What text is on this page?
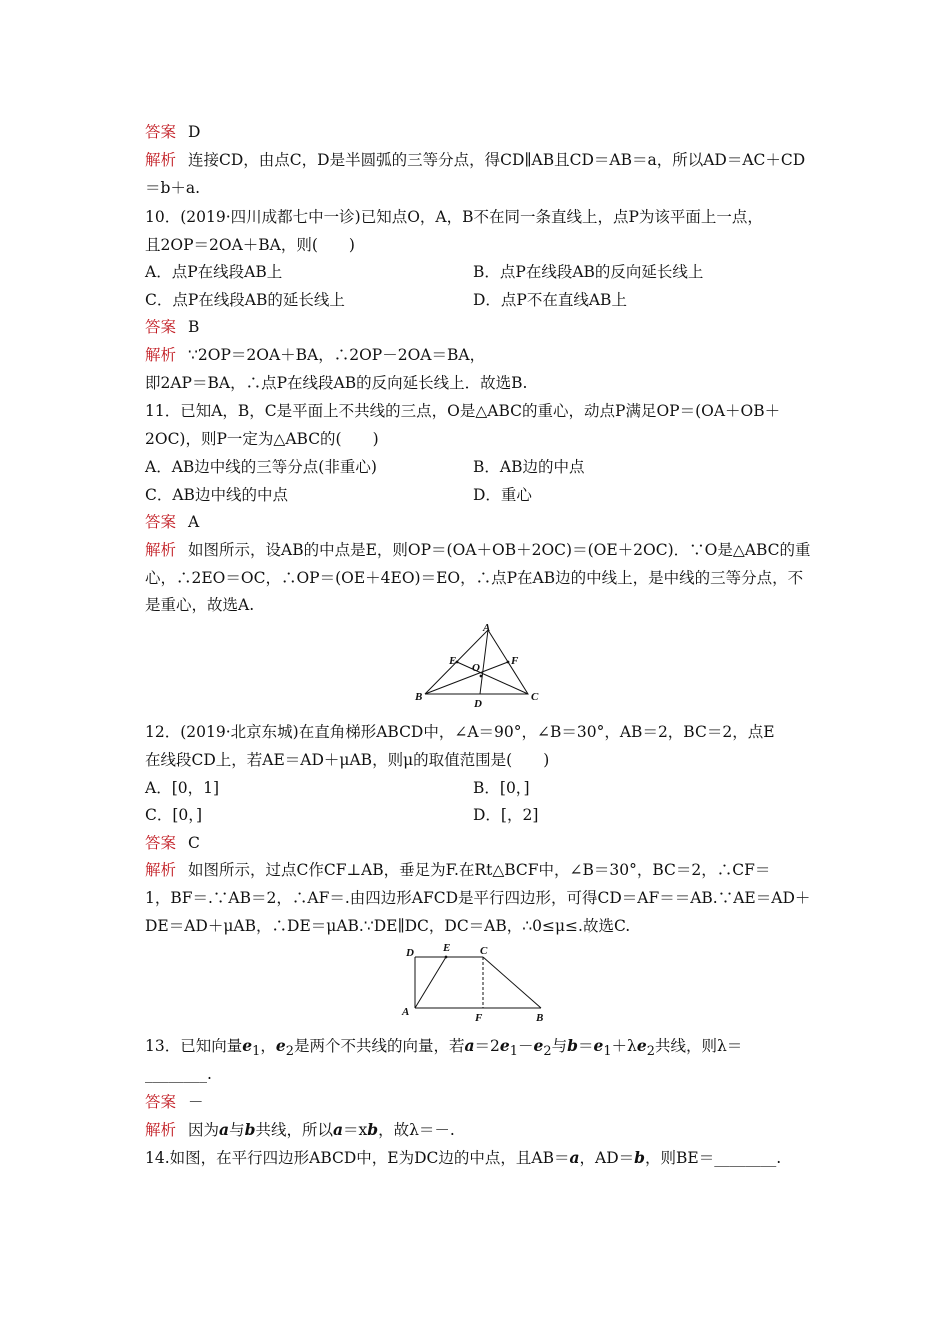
答案 D
解析 连接CD，由点C，D是半圆弧的三等分点，得CD∥AB且CD＝AB＝a，所以AD＝AC＋CD
＝b＋a.
10．(2019·四川成都七中一诊)已知点O，A，B不在同一条直线上，点P为该平面上一点，
且2OP＝2OA＋BA，则(　　)
A．点P在线段AB上	B．点P在线段AB的反向延长线上
C．点P在线段AB的延长线上	D．点P不在直线AB上
答案 B
解析 ∵2OP＝2OA＋BA，∴2OP－2OA＝BA，
即2AP＝BA，∴点P在线段AB的反向延长线上．故选B.
11．已知A，B，C是平面上不共线的三点，O是△ABC的重心，动点P满足OP＝(OA＋OB＋
2OC)，则P一定为△ABC的(　　)
A．AB边中线的三等分点(非重心)	B．AB边的中点
C．AB边中线的中点	D．重心
答案 A
解析 如图所示，设AB的中点是E，则OP＝(OA＋OB＋2OC)＝(OE＋2OC)．∵O是△ABC的重
心，∴2EO＝OC，∴OP＝(OE＋4EO)＝EO，∴点P在AB边的中线上，是中线的三等分点，不
是重心，故选A.
A
B	C
D
E	F
O
12．(2019·北京东城)在直角梯形ABCD中，∠A＝90°，∠B＝30°，AB＝2，BC＝2，点E
在线段CD上，若AE＝AD＋μAB，则μ的取值范围是(　　)
A．[0，1]	B．[0，]
C．[0，]	D．[，2]
答案 C
解析 如图所示，过点C作CF⊥AB，垂足为F.在Rt△BCF中，∠B＝30°，BC＝2，∴CF＝
1，BF＝.∵AB＝2，∴AF＝.由四边形AFCD是平行四边形，可得CD＝AF＝＝AB.∵AE＝AD＋
DE＝AD＋μAB，∴DE＝μAB.∵DE∥DC，DC＝AB，∴0≤μ≤.故选C.
D	E	C
A	F	B
13．已知向量$e_1$，$e_2$是两个不共线的向量，若$a=2e_1-e_2$与$b=e_1+\lambda e_2$共线，则λ＝
________.
答案 －
解析 因为a与b共线，所以a＝xb，故λ＝－.
14.如图，在平行四边形ABCD中，E为DC边的中点，且AB＝a，AD＝b，则BE＝________.
